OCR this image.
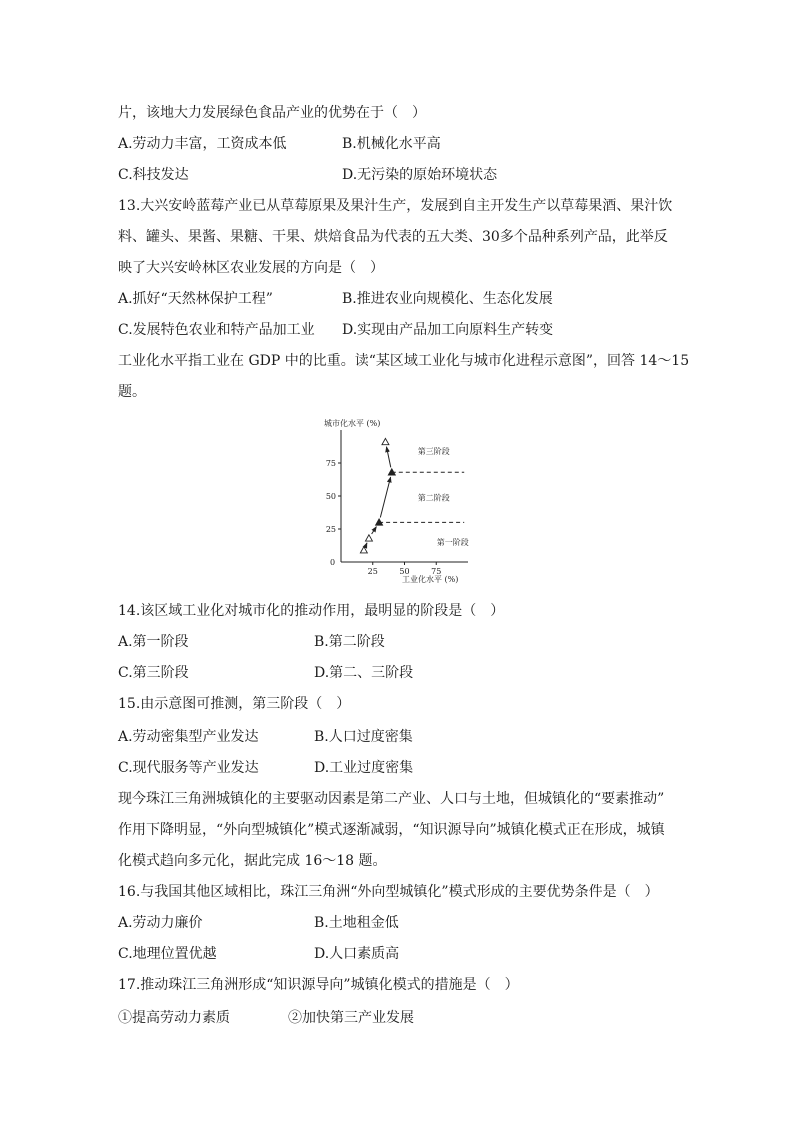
片，该地大力发展绿色食品产业的优势在于（　）
A.劳动力丰富，工资成本低	B.机械化水平高
C.科技发达	D.无污染的原始环境状态
13.大兴安岭蓝莓产业已从草莓原果及果汁生产，发展到自主开发生产以草莓果酒、果汁饮
料、罐头、果酱、果糖、干果、烘焙食品为代表的五大类、30多个品种系列产品，此举反
映了大兴安岭林区农业发展的方向是（　）
A.抓好“天然林保护工程”	B.推进农业向规模化、生态化发展
C.发展特色农业和特产品加工业 D.实现由产品加工向原料生产转变
工业化水平指工业在 GDP 中的比重。读“某区域工业化与城市化进程示意图”，回答 14～15
题。
城市化水平 (%)
工业化水平 (%)
0
25	50	75
25
50
75
第一阶段
第二阶段
第三阶段
14.该区域工业化对城市化的推动作用，最明显的阶段是（　）
A.第一阶段	B.第二阶段
C.第三阶段	D.第二、三阶段
15.由示意图可推测，第三阶段（　）
A.劳动密集型产业发达	B.人口过度密集
C.现代服务等产业发达	D.工业过度密集
现今珠江三角洲城镇化的主要驱动因素是第二产业、人口与土地，但城镇化的“要素推动”
作用下降明显，“外向型城镇化”模式逐渐减弱，“知识源导向”城镇化模式正在形成，城镇
化模式趋向多元化，据此完成 16～18 题。
16.与我国其他区域相比，珠江三角洲“外向型城镇化”模式形成的主要优势条件是（　）
A.劳动力廉价	B.土地租金低
C.地理位置优越	D.人口素质高
17.推动珠江三角洲形成“知识源导向”城镇化模式的措施是（　）
①提高劳动力素质	②加快第三产业发展
